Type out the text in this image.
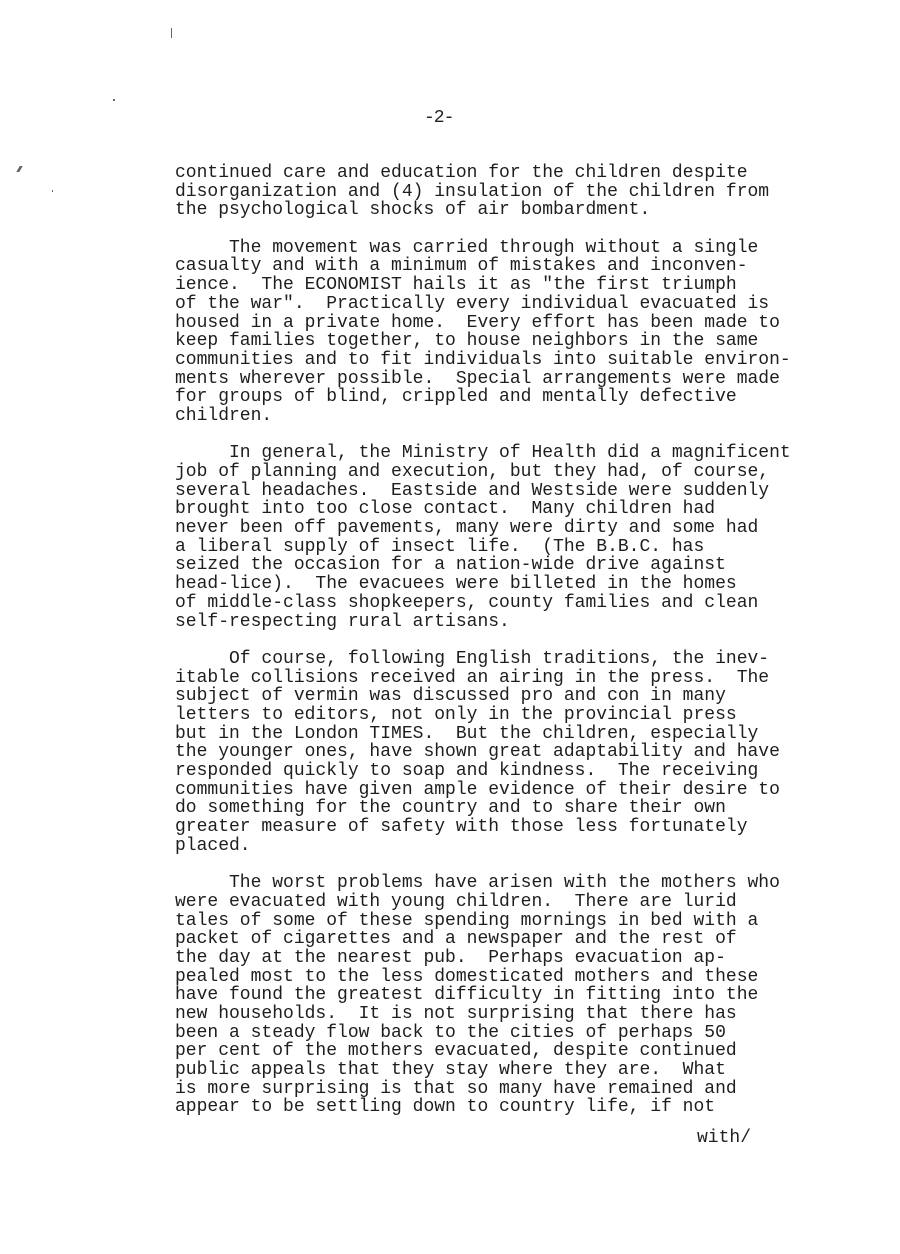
-2-
continued care and education for the children despite
disorganization and (4) insulation of the children from
the psychological shocks of air bombardment.
The movement was carried through without a single
casualty and with a minimum of mistakes and inconven-
ience.  The ECONOMIST hails it as "the first triumph
of the war".  Practically every individual evacuated is
housed in a private home.  Every effort has been made to
keep families together, to house neighbors in the same
communities and to fit individuals into suitable environ-
ments wherever possible.  Special arrangements were made
for groups of blind, crippled and mentally defective
children.
In general, the Ministry of Health did a magnificent
job of planning and execution, but they had, of course,
several headaches.  Eastside and Westside were suddenly
brought into too close contact.  Many children had
never been off pavements, many were dirty and some had
a liberal supply of insect life.  (The B.B.C. has
seized the occasion for a nation-wide drive against
head-lice).  The evacuees were billeted in the homes
of middle-class shopkeepers, county families and clean
self-respecting rural artisans.
Of course, following English traditions, the inev-
itable collisions received an airing in the press.  The
subject of vermin was discussed pro and con in many
letters to editors, not only in the provincial press
but in the London TIMES.  But the children, especially
the younger ones, have shown great adaptability and have
responded quickly to soap and kindness.  The receiving
communities have given ample evidence of their desire to
do something for the country and to share their own
greater measure of safety with those less fortunately
placed.
The worst problems have arisen with the mothers who
were evacuated with young children.  There are lurid
tales of some of these spending mornings in bed with a
packet of cigarettes and a newspaper and the rest of
the day at the nearest pub.  Perhaps evacuation ap-
pealed most to the less domesticated mothers and these
have found the greatest difficulty in fitting into the
new households.  It is not surprising that there has
been a steady flow back to the cities of perhaps 50
per cent of the mothers evacuated, despite continued
public appeals that they stay where they are.  What
is more surprising is that so many have remained and
appear to be settling down to country life, if not
with/
